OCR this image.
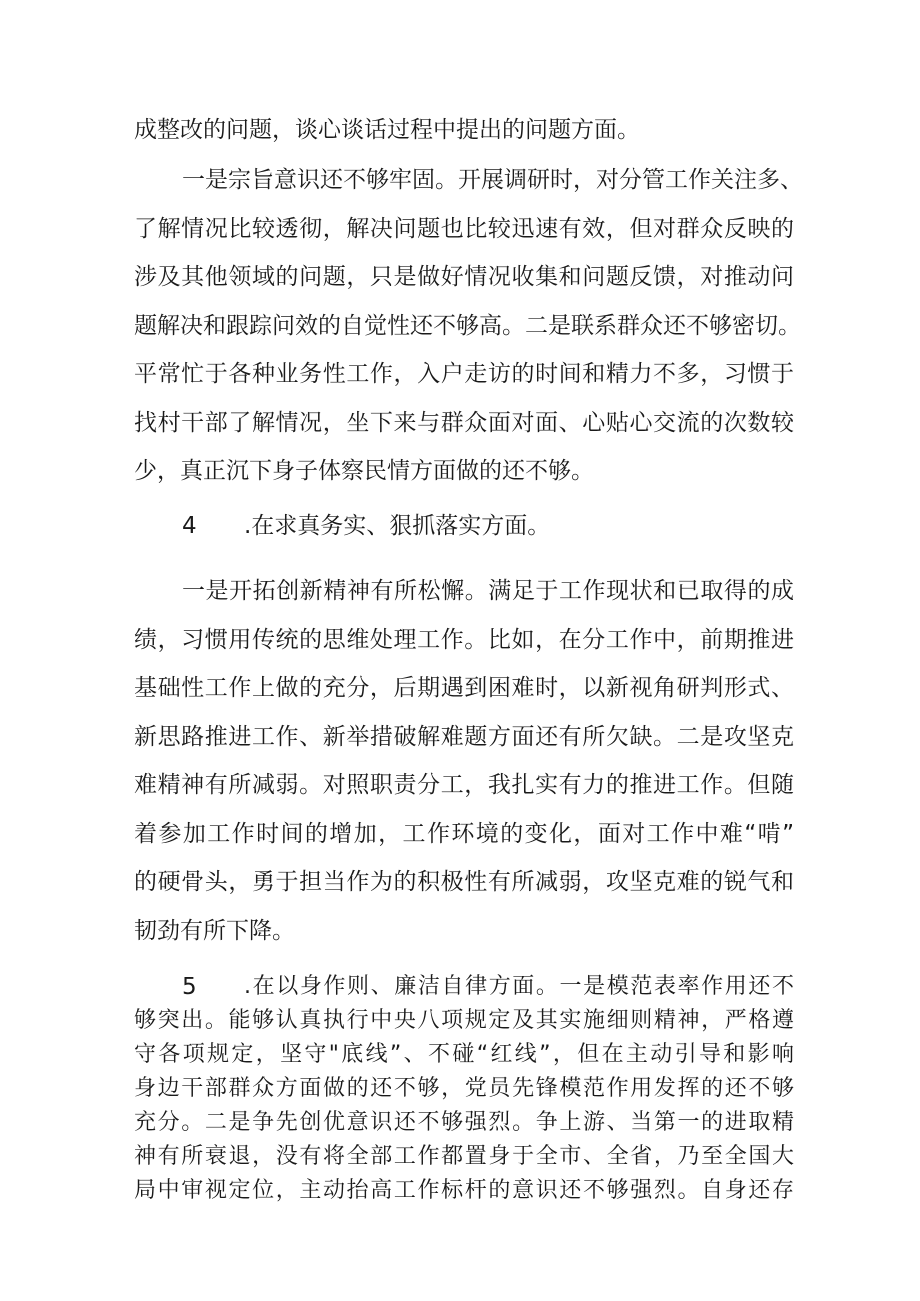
成整改的问题，谈心谈话过程中提出的问题方面。
一是宗旨意识还不够牢固。开展调研时，对分管工作关注多、
了解情况比较透彻，解决问题也比较迅速有效，但对群众反映的
涉及其他领域的问题，只是做好情况收集和问题反馈，对推动问
题解决和跟踪问效的自觉性还不够高。二是联系群众还不够密切。
平常忙于各种业务性工作，入户走访的时间和精力不多，习惯于
找村干部了解情况，坐下来与群众面对面、心贴心交流的次数较
少，真正沉下身子体察民情方面做的还不够。
4 .在求真务实、狠抓落实方面。
一是开拓创新精神有所松懈。满足于工作现状和已取得的成
绩，习惯用传统的思维处理工作。比如，在分工作中，前期推进
基础性工作上做的充分，后期遇到困难时，以新视角研判形式、
新思路推进工作、新举措破解难题方面还有所欠缺。二是攻坚克
难精神有所减弱。对照职责分工，我扎实有力的推进工作。但随
着参加工作时间的增加，工作环境的变化，面对工作中难“啃”
的硬骨头，勇于担当作为的积极性有所减弱，攻坚克难的锐气和
韧劲有所下降。
5 .在以身作则、廉洁自律方面。一是模范表率作用还不
够突出。能够认真执行中央八项规定及其实施细则精神，严格遵
守各项规定，坚守"底线”、不碰“红线”，但在主动引导和影响
身边干部群众方面做的还不够，党员先锋模范作用发挥的还不够
充分。二是争先创优意识还不够强烈。争上游、当第一的进取精
神有所衰退，没有将全部工作都置身于全市、全省，乃至全国大
局中审视定位，主动抬高工作标杆的意识还不够强烈。自身还存
